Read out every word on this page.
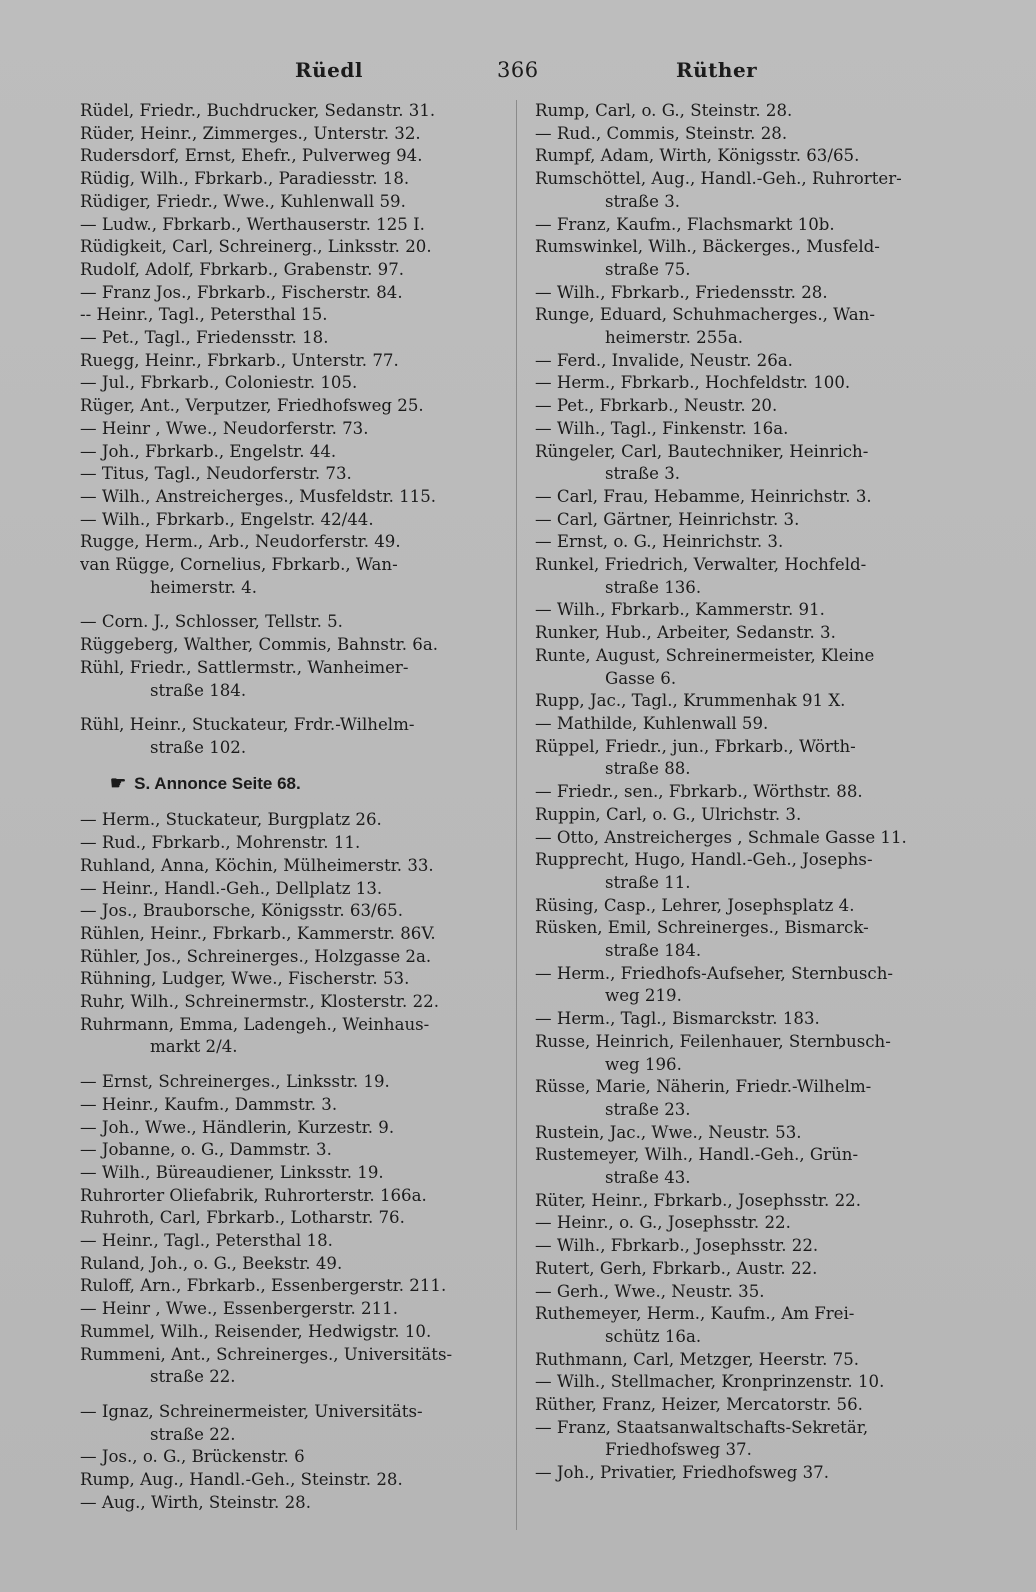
Rüedl	366	Rüther
Rüdel, Friedr., Buchdrucker, Sedanstr. 31.
Rüder, Heinr., Zimmerges., Unterstr. 32.
Rudersdorf, Ernst, Ehefr., Pulverweg 94.
Rüdig, Wilh., Fbrkarb., Paradiesstr. 18.
Rüdiger, Friedr., Wwe., Kuhlenwall 59.
— Ludw., Fbrkarb., Werthauserstr. 125 I.
Rüdigkeit, Carl, Schreinerg., Linksstr. 20.
Rudolf, Adolf, Fbrkarb., Grabenstr. 97.
— Franz Jos., Fbrkarb., Fischerstr. 84.
-- Heinr., Tagl., Petersthal 15.
— Pet., Tagl., Friedensstr. 18.
Ruegg, Heinr., Fbrkarb., Unterstr. 77.
— Jul., Fbrkarb., Coloniestr. 105.
Rüger, Ant., Verputzer, Friedhofsweg 25.
— Heinr , Wwe., Neudorferstr. 73.
— Joh., Fbrkarb., Engelstr. 44.
— Titus, Tagl., Neudorferstr. 73.
— Wilh., Anstreicherges., Musfeldstr. 115.
— Wilh., Fbrkarb., Engelstr. 42/44.
Rugge, Herm., Arb., Neudorferstr. 49.
van Rügge, Cornelius, Fbrkarb., Wan-
heimerstr. 4.
— Corn. J., Schlosser, Tellstr. 5.
Rüggeberg, Walther, Commis, Bahnstr. 6a.
Rühl, Friedr., Sattlermstr., Wanheimer-
straße 184.
Rühl, Heinr., Stuckateur, Frdr.-Wilhelm-
straße 102.
☛ S. Annonce Seite 68.
— Herm., Stuckateur, Burgplatz 26.
— Rud., Fbrkarb., Mohrenstr. 11.
Ruhland, Anna, Köchin, Mülheimerstr. 33.
— Heinr., Handl.-Geh., Dellplatz 13.
— Jos., Brauborsche, Königsstr. 63/65.
Rühlen, Heinr., Fbrkarb., Kammerstr. 86V.
Rühler, Jos., Schreinerges., Holzgasse 2a.
Rühning, Ludger, Wwe., Fischerstr. 53.
Ruhr, Wilh., Schreinermstr., Klosterstr. 22.
Ruhrmann, Emma, Ladengeh., Weinhaus-
markt 2/4.
— Ernst, Schreinerges., Linksstr. 19.
— Heinr., Kaufm., Dammstr. 3.
— Joh., Wwe., Händlerin, Kurzestr. 9.
— Jobanne, o. G., Dammstr. 3.
— Wilh., Büreaudiener, Linksstr. 19.
Ruhrorter Oliefabrik, Ruhrorterstr. 166a.
Ruhroth, Carl, Fbrkarb., Lotharstr. 76.
— Heinr., Tagl., Petersthal 18.
Ruland, Joh., o. G., Beekstr. 49.
Ruloff, Arn., Fbrkarb., Essenbergerstr. 211.
— Heinr , Wwe., Essenbergerstr. 211.
Rummel, Wilh., Reisender, Hedwigstr. 10.
Rummeni, Ant., Schreinerges., Universitäts-
straße 22.
— Ignaz, Schreinermeister, Universitäts-
straße 22.
— Jos., o. G., Brückenstr. 6
Rump, Aug., Handl.-Geh., Steinstr. 28.
— Aug., Wirth, Steinstr. 28.
Rump, Carl, o. G., Steinstr. 28.
— Rud., Commis, Steinstr. 28.
Rumpf, Adam, Wirth, Königsstr. 63/65.
Rumschöttel, Aug., Handl.-Geh., Ruhrorter-
straße 3.
— Franz, Kaufm., Flachsmarkt 10b.
Rumswinkel, Wilh., Bäckerges., Musfeld-
straße 75.
— Wilh., Fbrkarb., Friedensstr. 28.
Runge, Eduard, Schuhmacherges., Wan-
heimerstr. 255a.
— Ferd., Invalide, Neustr. 26a.
— Herm., Fbrkarb., Hochfeldstr. 100.
— Pet., Fbrkarb., Neustr. 20.
— Wilh., Tagl., Finkenstr. 16a.
Rüngeler, Carl, Bautechniker, Heinrich-
straße 3.
— Carl, Frau, Hebamme, Heinrichstr. 3.
— Carl, Gärtner, Heinrichstr. 3.
— Ernst, o. G., Heinrichstr. 3.
Runkel, Friedrich, Verwalter, Hochfeld-
straße 136.
— Wilh., Fbrkarb., Kammerstr. 91.
Runker, Hub., Arbeiter, Sedanstr. 3.
Runte, August, Schreinermeister, Kleine
Gasse 6.
Rupp, Jac., Tagl., Krummenhak 91 X.
— Mathilde, Kuhlenwall 59.
Rüppel, Friedr., jun., Fbrkarb., Wörth-
straße 88.
— Friedr., sen., Fbrkarb., Wörthstr. 88.
Ruppin, Carl, o. G., Ulrichstr. 3.
— Otto, Anstreicherges , Schmale Gasse 11.
Rupprecht, Hugo, Handl.-Geh., Josephs-
straße 11.
Rüsing, Casp., Lehrer, Josephsplatz 4.
Rüsken, Emil, Schreinerges., Bismarck-
straße 184.
— Herm., Friedhofs-Aufseher, Sternbusch-
weg 219.
— Herm., Tagl., Bismarckstr. 183.
Russe, Heinrich, Feilenhauer, Sternbusch-
weg 196.
Rüsse, Marie, Näherin, Friedr.-Wilhelm-
straße 23.
Rustein, Jac., Wwe., Neustr. 53.
Rustemeyer, Wilh., Handl.-Geh., Grün-
straße 43.
Rüter, Heinr., Fbrkarb., Josephsstr. 22.
— Heinr., o. G., Josephsstr. 22.
— Wilh., Fbrkarb., Josephsstr. 22.
Rutert, Gerh, Fbrkarb., Austr. 22.
— Gerh., Wwe., Neustr. 35.
Ruthemeyer, Herm., Kaufm., Am Frei-
schütz 16a.
Ruthmann, Carl, Metzger, Heerstr. 75.
— Wilh., Stellmacher, Kronprinzenstr. 10.
Rüther, Franz, Heizer, Mercatorstr. 56.
— Franz, Staatsanwaltschafts-Sekretär,
Friedhofsweg 37.
— Joh., Privatier, Friedhofsweg 37.
